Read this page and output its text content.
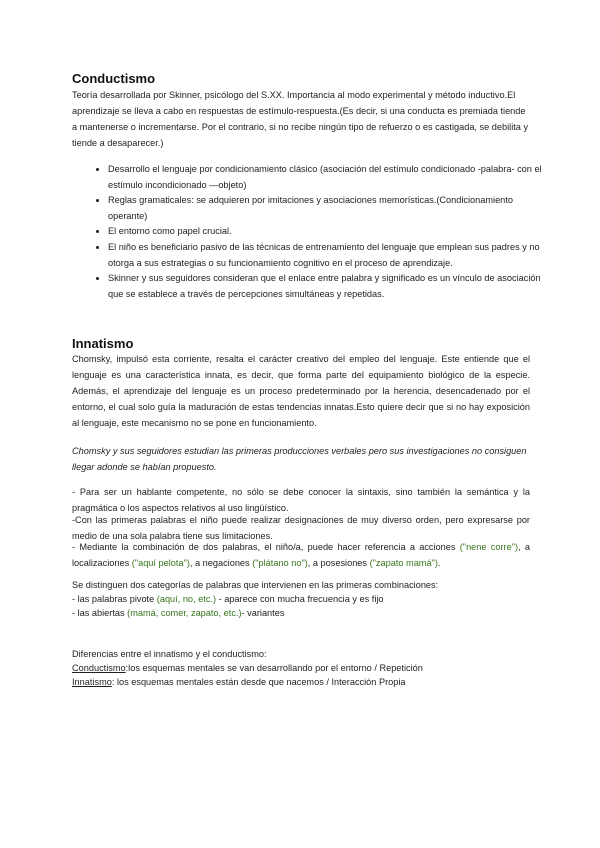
Conductismo
Teoría desarrollada por Skinner, psicólogo del S.XX. Importancia al modo experimental y método inductivo.El aprendizaje se lleva a cabo en respuestas de estímulo-respuesta.(Es decir, si una conducta es premiada tiende a mantenerse o incrementarse. Por el contrario, si no recibe ningún tipo de refuerzo o es castigada, se debilita y tiende a desaparecer.)
• Desarrollo el lenguaje por condicionamiento clásico (asociación del estímulo condicionado -palabra- con el estímulo incondicionado —objeto)
• Reglas gramaticales: se adquieren por imitaciones y asociaciones memorísticas.(Condicionamiento operante)
• El entorno como papel crucial.
• El niño es beneficiario pasivo de las técnicas de entrenamiento del lenguaje que emplean sus padres y no otorga a sus estrategias o su funcionamiento cognitivo en el proceso de aprendizaje.
• Skinner y sus seguidores consideran que el enlace entre palabra y significado es un vínculo de asociación que se establece a través de percepciones simultáneas y repetidas.
Innatismo
Chomsky, impulsó esta corriente, resalta el carácter creativo del empleo del lenguaje. Este entiende que el lenguaje es una característica innata, es decir, que forma parte del equipamiento biológico de la especie. Además, el aprendizaje del lenguaje es un proceso predeterminado por la herencia, desencadenado por el entorno, el cual solo guía la maduración de estas tendencias innatas.Esto quiere decir que si no hay exposición al lenguaje, este mecanismo no se pone en funcionamiento.
Chomsky y sus seguidores estudian las primeras producciones verbales pero sus investigaciones no consiguen llegar adonde se habían propuesto.
- Para ser un hablante competente, no sólo se debe conocer la sintaxis, sino también la semántica y la pragmática o los aspectos relativos al uso lingüístico.
-Con las primeras palabras el niño puede realizar designaciones de muy diverso orden, pero expresarse por medio de una sola palabra tiene sus limitaciones.
- Mediante la combinación de dos palabras, el niño/a, puede hacer referencia a acciones ("nene corre"), a localizaciones ("aquí pelota"), a negaciones ("plátano no"), a posesiones ("zapato mamá").
Se distinguen dos categorías de palabras que intervienen en las primeras combinaciones:
- las palabras pivote (aquí, no, etc.) - aparece con mucha frecuencia y es fijo
- las abiertas (mamá, comer, zapato, etc.)- variantes
Diferencias entre el innatismo y el conductismo:
Conductismo:los esquemas mentales se van desarrollando por el entorno / Repetición
Innatismo: los esquemas mentales están desde que nacemos / Interacción Propia
